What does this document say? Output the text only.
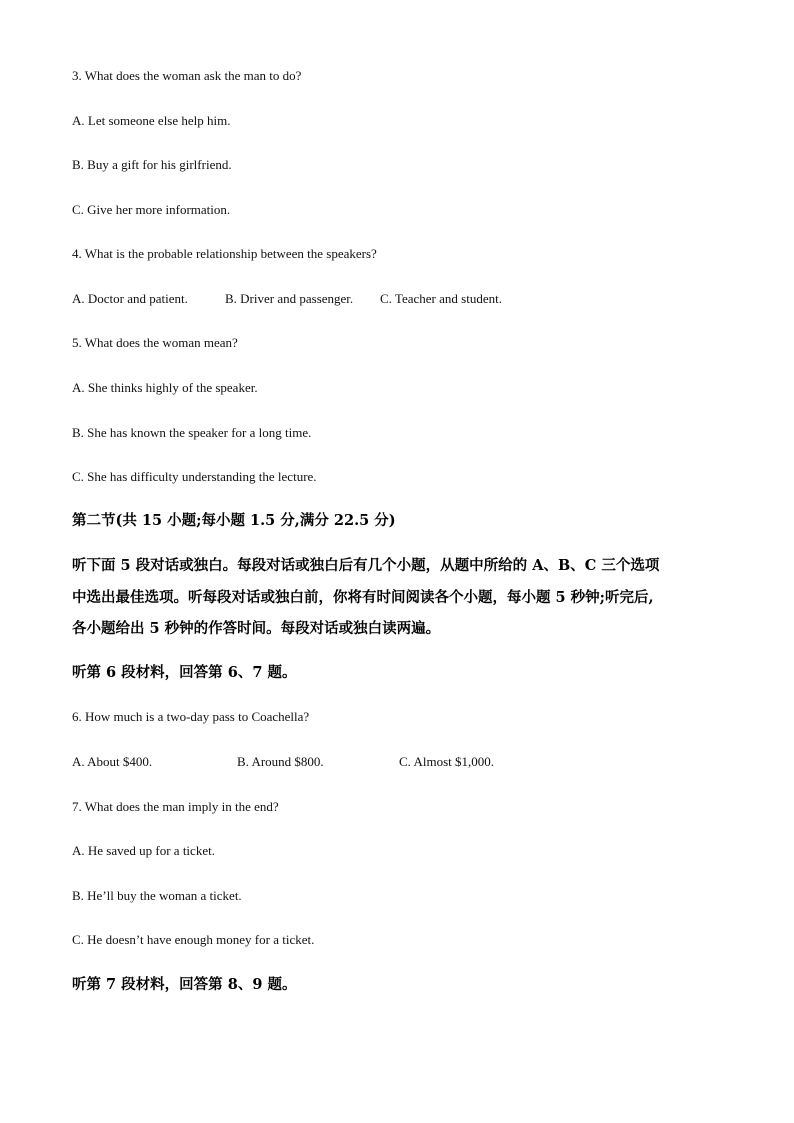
3. What does the woman ask the man to do?
A. Let someone else help him.
B. Buy a gift for his girlfriend.
C. Give her more information.
4. What is the probable relationship between the speakers?
A. Doctor and patient.	B. Driver and passenger. C. Teacher and student.
5. What does the woman mean?
A. She thinks highly of the speaker.
B. She has known the speaker for a long time.
C. She has difficulty understanding the lecture.
第二节(共 15 小题;每小题 1.5 分,满分 22.5 分)
听下面 5 段对话或独白。每段对话或独白后有几个小题，从题中所给的 A、B、C 三个选项
中选出最佳选项。听每段对话或独白前，你将有时间阅读各个小题，每小题 5 秒钟;听完后,
各小题给出 5 秒钟的作答时间。每段对话或独白读两遍。
听第 6 段材料，回答第 6、7 题。
6. How much is a two-day pass to Coachella?
A. About $400.	B. Around $800.	C. Almost $1,000.
7. What does the man imply in the end?
A. He saved up for a ticket.
B. He’ll buy the woman a ticket.
C. He doesn’t have enough money for a ticket.
听第 7 段材料，回答第 8、9 题。
